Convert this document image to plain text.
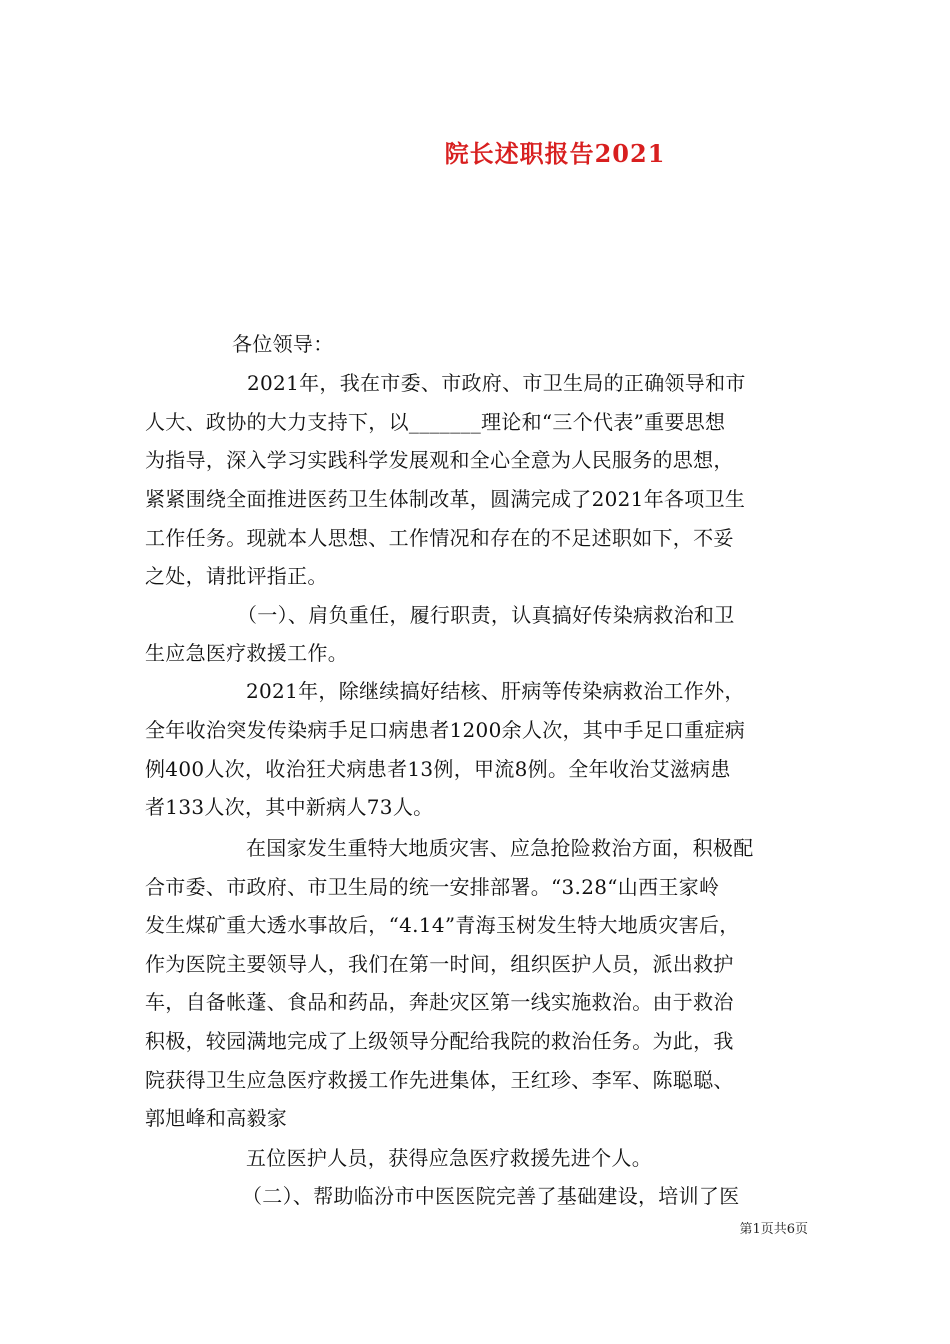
院长述职报告2021
各位领导：
2021年，我在市委、市政府、市卫生局的正确领导和市
人大、政协的大力支持下，以_______理论和“三个代表”重要思想
为指导，深入学习实践科学发展观和全心全意为人民服务的思想，
紧紧围绕全面推进医药卫生体制改革，圆满完成了2021年各项卫生
工作任务。现就本人思想、工作情况和存在的不足述职如下，不妥
之处，请批评指正。
（一）、肩负重任，履行职责，认真搞好传染病救治和卫
生应急医疗救援工作。
2021年，除继续搞好结核、肝病等传染病救治工作外，
全年收治突发传染病手足口病患者1200余人次，其中手足口重症病
例400人次，收治狂犬病患者13例，甲流8例。全年收治艾滋病患
者133人次，其中新病人73人。
在国家发生重特大地质灾害、应急抢险救治方面，积极配
合市委、市政府、市卫生局的统一安排部署。“3.28“山西王家岭
发生煤矿重大透水事故后，“4.14”青海玉树发生特大地质灾害后，
作为医院主要领导人，我们在第一时间，组织医护人员，派出救护
车，自备帐蓬、食品和药品，奔赴灾区第一线实施救治。由于救治
积极，较园满地完成了上级领导分配给我院的救治任务。为此，我
院获得卫生应急医疗救援工作先进集体，王红珍、李军、陈聪聪、
郭旭峰和高毅家
五位医护人员，获得应急医疗救援先进个人。
（二）、帮助临汾市中医医院完善了基础建设，培训了医
第1页共6页
